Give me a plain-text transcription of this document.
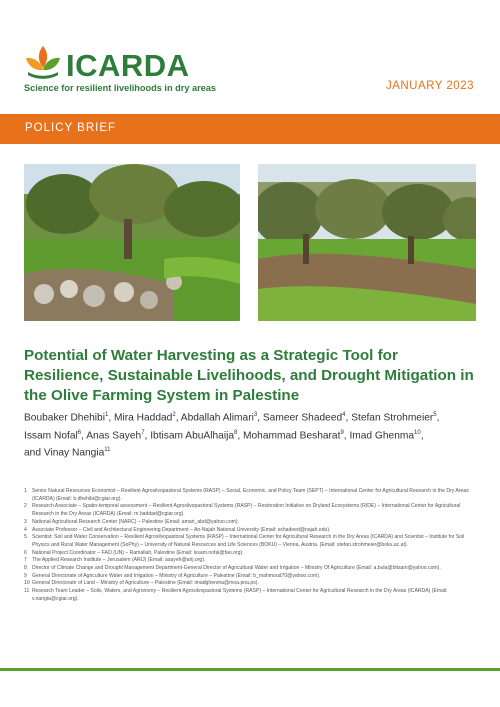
ICARDA
Science for resilient livelihoods in dry areas	JANUARY 2023
POLICY BRIEF
Potential of Water Harvesting as a Strategic Tool for Resilience, Sustainable Livelihoods, and Drought Mitigation in the Olive Farming System in Palestine
Boubaker Dhehibi$^1$, Mira Haddad$^2$, Abdallah Alimari$^3$, Sameer Shadeed$^4$, Stefan Strohmeier$^5$,
Issam Nofal$^6$, Anas Sayeh$^7$, Ibtisam AbuAlhaija$^8$, Mohammad Besharat$^9$, Imad Ghenma$^{10}$,
and Vinay Nangia$^{11}$
1	Senior Natural Resources Economist – Resilient Agrosilvopastoral Systems (RASP) – Social, Economic, and Policy Team (SEPT) – International Center for Agricultural Research in the Dry Areas (ICARDA) (Email: b.dhehibi@cgiar.org).
2	Research Associate – Spatio-temporal assessment – Resilient Agrosilvopastoral Systems (RASP) – Restoration Initiative on Dryland Ecosystems (RIDE) – International Center for Agricultural Research in the Dry Areas (ICARDA) (Email: m.haddad@cgiar.org).
3	National Agricultural Research Center (NARC) – Palestine (Email: amari_abd@yahoo.com).
4	Associate Professor – Civil and Architectural Engineering Department – An-Najah National University (Email: sshadeed@najah.edu).
5	Scientist: Soil and Water Conservation – Resilient Agrosilvopastoral Systems (RASP) – International Center for Agricultural Research in the Dry Areas (ICARDA) and Scientist – Institute for Soil Physics and Rural Water Management (SoPhy) – University of Natural Resources and Life Sciences (BOKU) – Vienna, Austria. (Email: stefan.strohmeier@boku.ac.at).
6	National Project Coordinator – FAO (UN) – Ramallah, Palestine (Email: issam.nofal@fao.org).
7	The Applied Research Institute – Jerusalem (ARIJ) (Email: asayeh@arij.org).
8	Director of Climate Change and Drought Management Department-General Director of Agricultural Water and Irrigation – Ministry Of Agriculture (Email: a.bula@btisam@yahoo.com).
9	General Directorate of Agriculture Water and Irrigation – Ministry of Agriculture – Palestine (Email: b_mahmoud70@yahoo.com).
10 General Directorate of Land – Ministry of Agriculture – Palestine (Email: imadghenma@moa.pna.ps).
11 Research Team Leader – Soils, Waters, and Agronomy – Resilient Agrosilvopastoral Systems (RASP) – International Center for Agricultural Research in the Dry Areas (ICARDA) (Email: v.nangia@cgiar.org).
